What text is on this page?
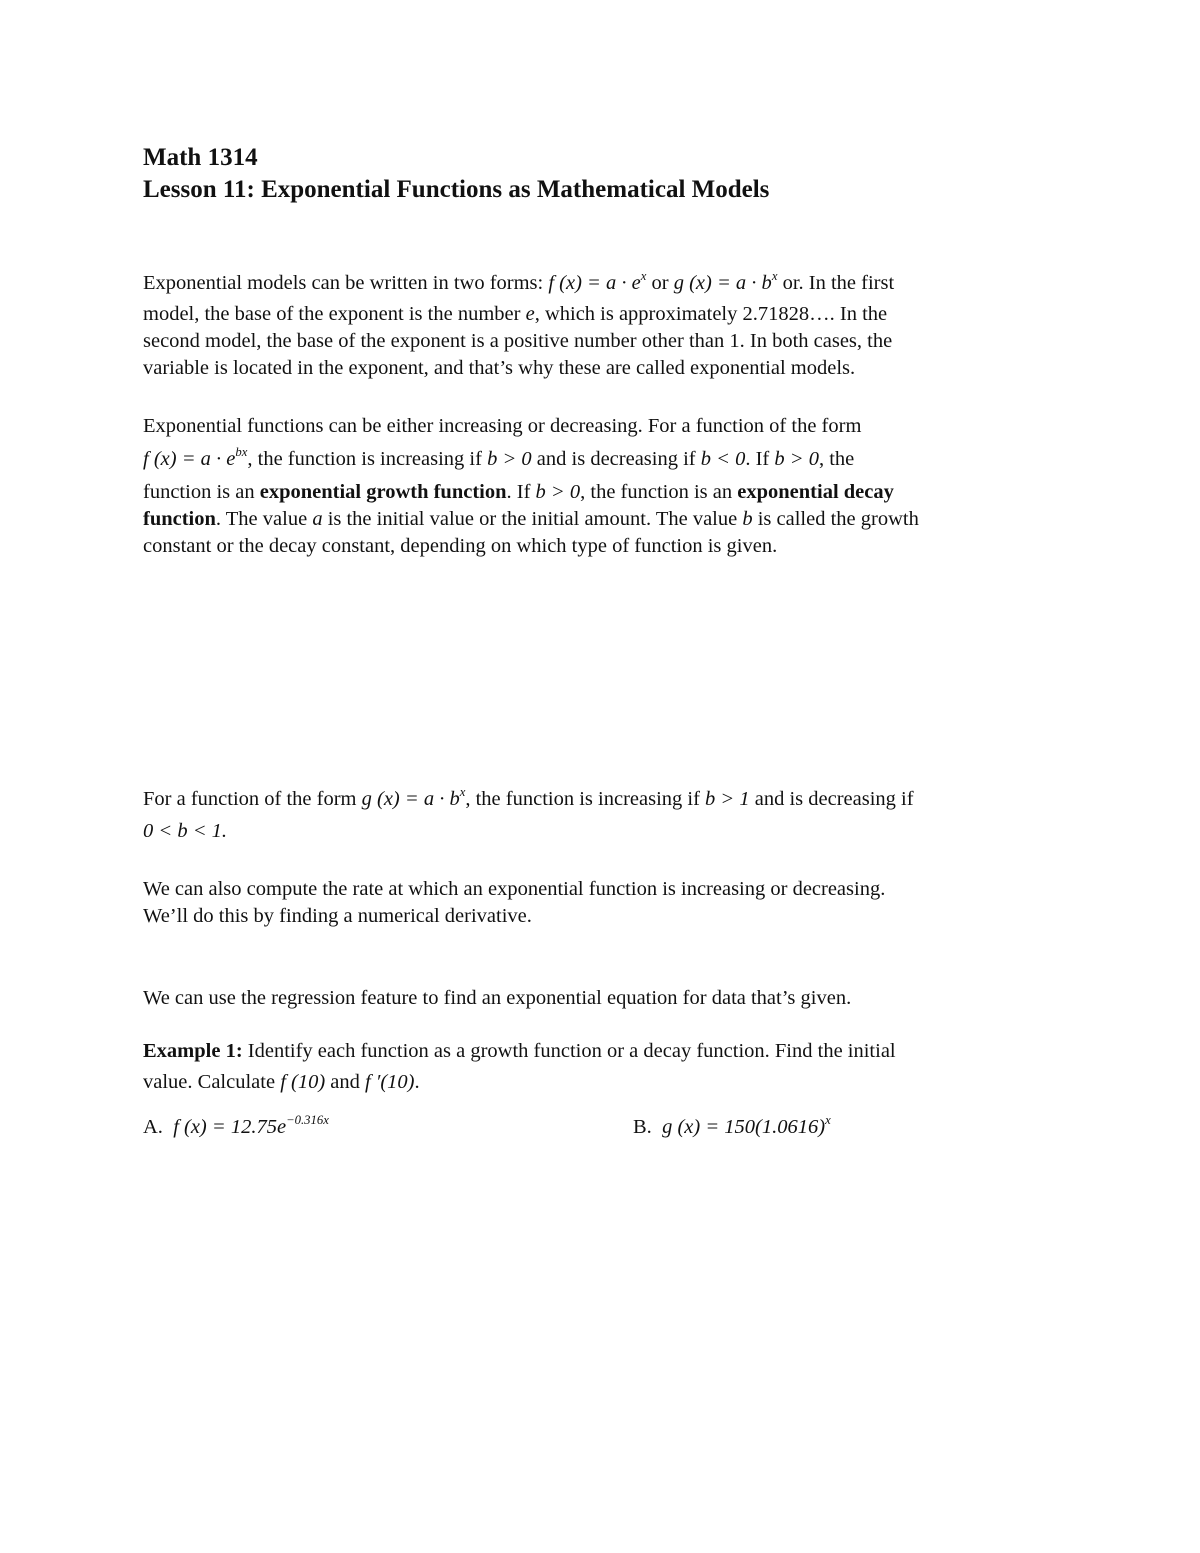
Math 1314
Lesson 11: Exponential Functions as Mathematical Models
Exponential models can be written in two forms: f $(x) = a \cdot e^x$ or g $(x) = a \cdot b^x$ or. In the first
model, the base of the exponent is the number e, which is approximately 2.71828…. In the
second model, the base of the exponent is a positive number other than 1. In both cases, the
variable is located in the exponent, and that’s why these are called exponential models.
Exponential functions can be either increasing or decreasing. For a function of the form
f $(x) = a \cdot e^{bx}$, the function is increasing if b > 0 and is decreasing if b < 0. If b > 0, the
function is an exponential growth function. If b > 0, the function is an exponential decay
function. The value a is the initial value or the initial amount. The value b is called the growth
constant or the decay constant, depending on which type of function is given.
For a function of the form g $(x) = a \cdot b^x$, the function is increasing if b > 1 and is decreasing if
0 < b < 1.
We can also compute the rate at which an exponential function is increasing or decreasing.
We’ll do this by finding a numerical derivative.
We can use the regression feature to find an exponential equation for data that’s given.
Example 1: Identify each function as a growth function or a decay function. Find the initial
value. Calculate f (10) and f ′(10).
A. f $(x) = 12.75e^{-0.316x}$	B. g $(x) = 150(1.0616)^x$
